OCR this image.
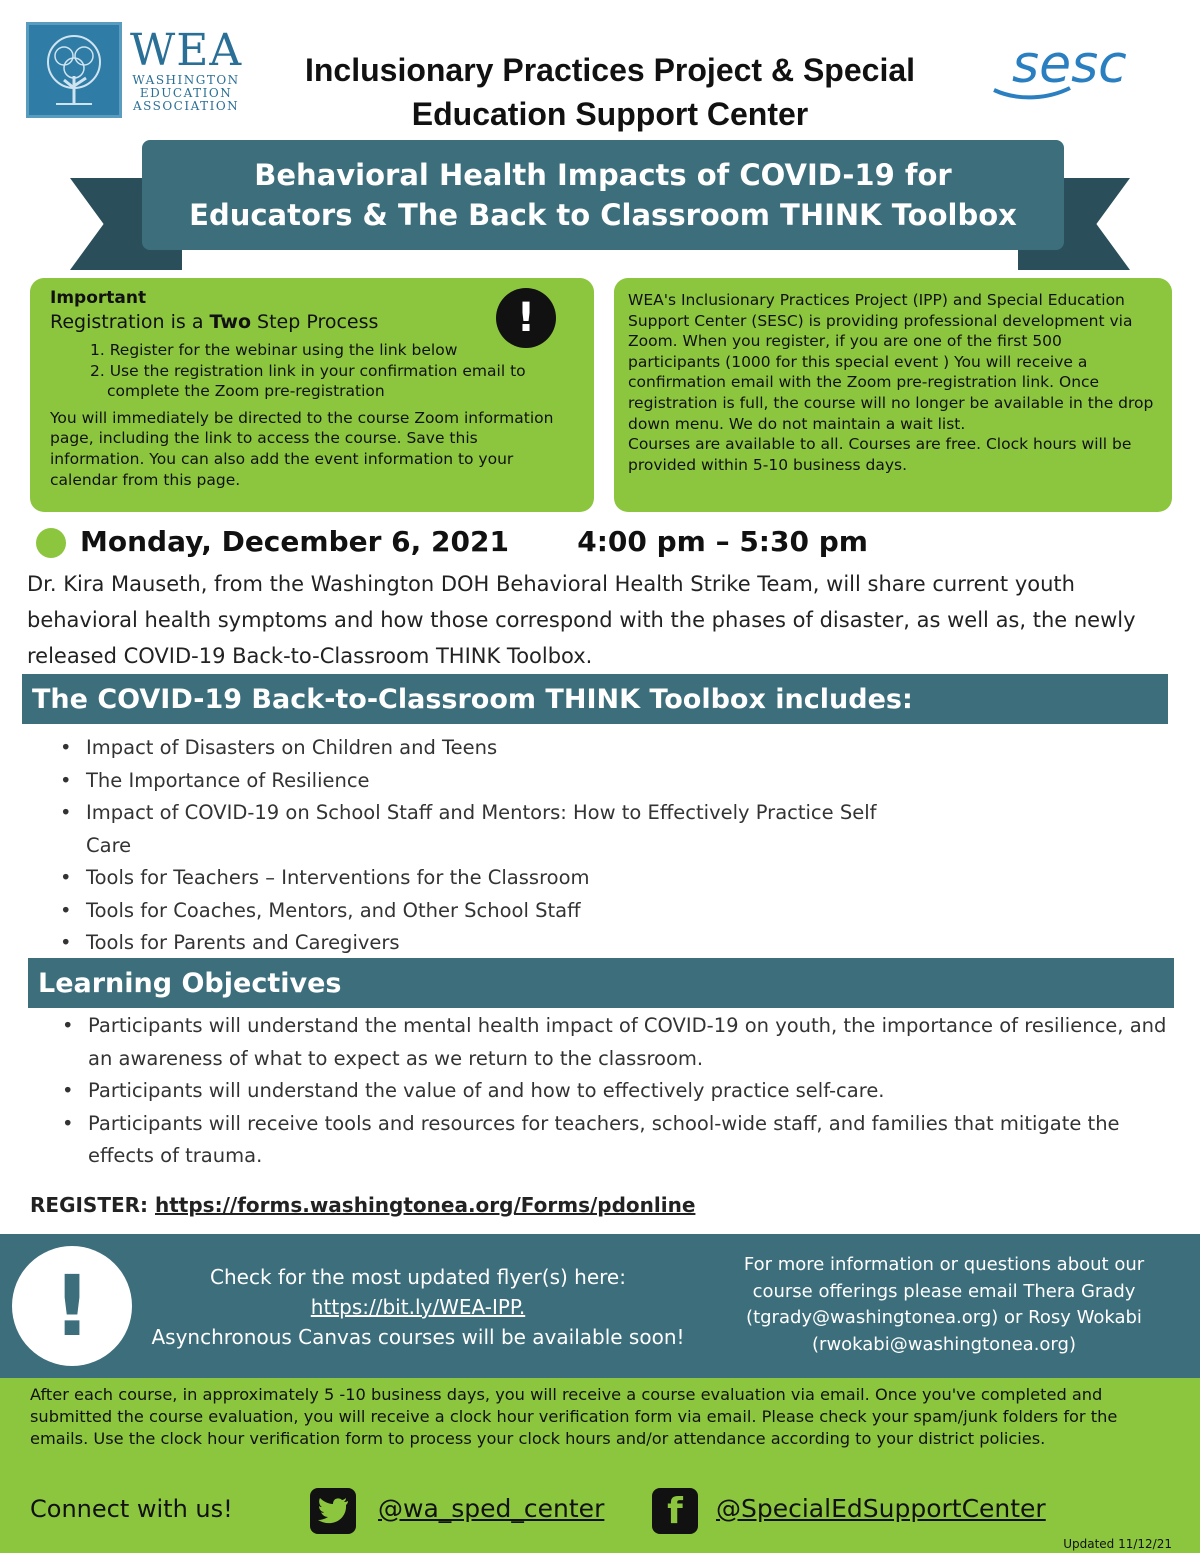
WEA
WASHINGTON
EDUCATION
ASSOCIATION
Inclusionary Practices Project & Special
Education Support Center
sesc
Behavioral Health Impacts of COVID-19 for
Educators & The Back to Classroom THINK Toolbox
Important
Registration is a Two Step Process
1. Register for the webinar using the link below
2. Use the registration link in your confirmation email to complete the Zoom pre-registration
You will immediately be directed to the course Zoom information page, including the link to access the course. Save this information. You can also add the event information to your calendar from this page.
!	WEA's Inclusionary Practices Project (IPP) and Special Education Support Center (SESC) is providing professional development via Zoom. When you register, if you are one of the first 500 participants (1000 for this special event ) You will receive a confirmation email with the Zoom pre-registration link. Once registration is full, the course will no longer be available in the drop down menu. We do not maintain a wait list.
Courses are available to all. Courses are free. Clock hours will be provided within 5-10 business days.
Monday, December 6, 2021 4:00 pm – 5:30 pm
Dr. Kira Mauseth, from the Washington DOH Behavioral Health Strike Team, will share current youth behavioral health symptoms and how those correspond with the phases of disaster, as well as, the newly released COVID-19 Back-to-Classroom THINK Toolbox.
The COVID-19 Back-to-Classroom THINK Toolbox includes:
• Impact of Disasters on Children and Teens
• The Importance of Resilience
• Impact of COVID-19 on School Staff and Mentors: How to Effectively Practice Self Care
• Tools for Teachers – Interventions for the Classroom
• Tools for Coaches, Mentors, and Other School Staff
• Tools for Parents and Caregivers
Learning Objectives
• Participants will understand the mental health impact of COVID-19 on youth, the importance of resilience, and an awareness of what to expect as we return to the classroom.
• Participants will understand the value of and how to effectively practice self-care.
• Participants will receive tools and resources for teachers, school-wide staff, and families that mitigate the effects of trauma.
REGISTER: https://forms.washingtonea.org/Forms/pdonline
!	Check for the most updated flyer(s) here:
https://bit.ly/WEA-IPP.
Asynchronous Canvas courses will be available soon!
For more information or questions about our course offerings please email Thera Grady (tgrady@washingtonea.org) or Rosy Wokabi (rwokabi@washingtonea.org)
After each course, in approximately 5 -10 business days, you will receive a course evaluation via email. Once you've completed and submitted the course evaluation, you will receive a clock hour verification form via email. Please check your spam/junk folders for the emails. Use the clock hour verification form to process your clock hours and/or attendance according to your district policies.
Connect with us!	@wa_sped_center	f	@SpecialEdSupportCenter
Updated 11/12/21
